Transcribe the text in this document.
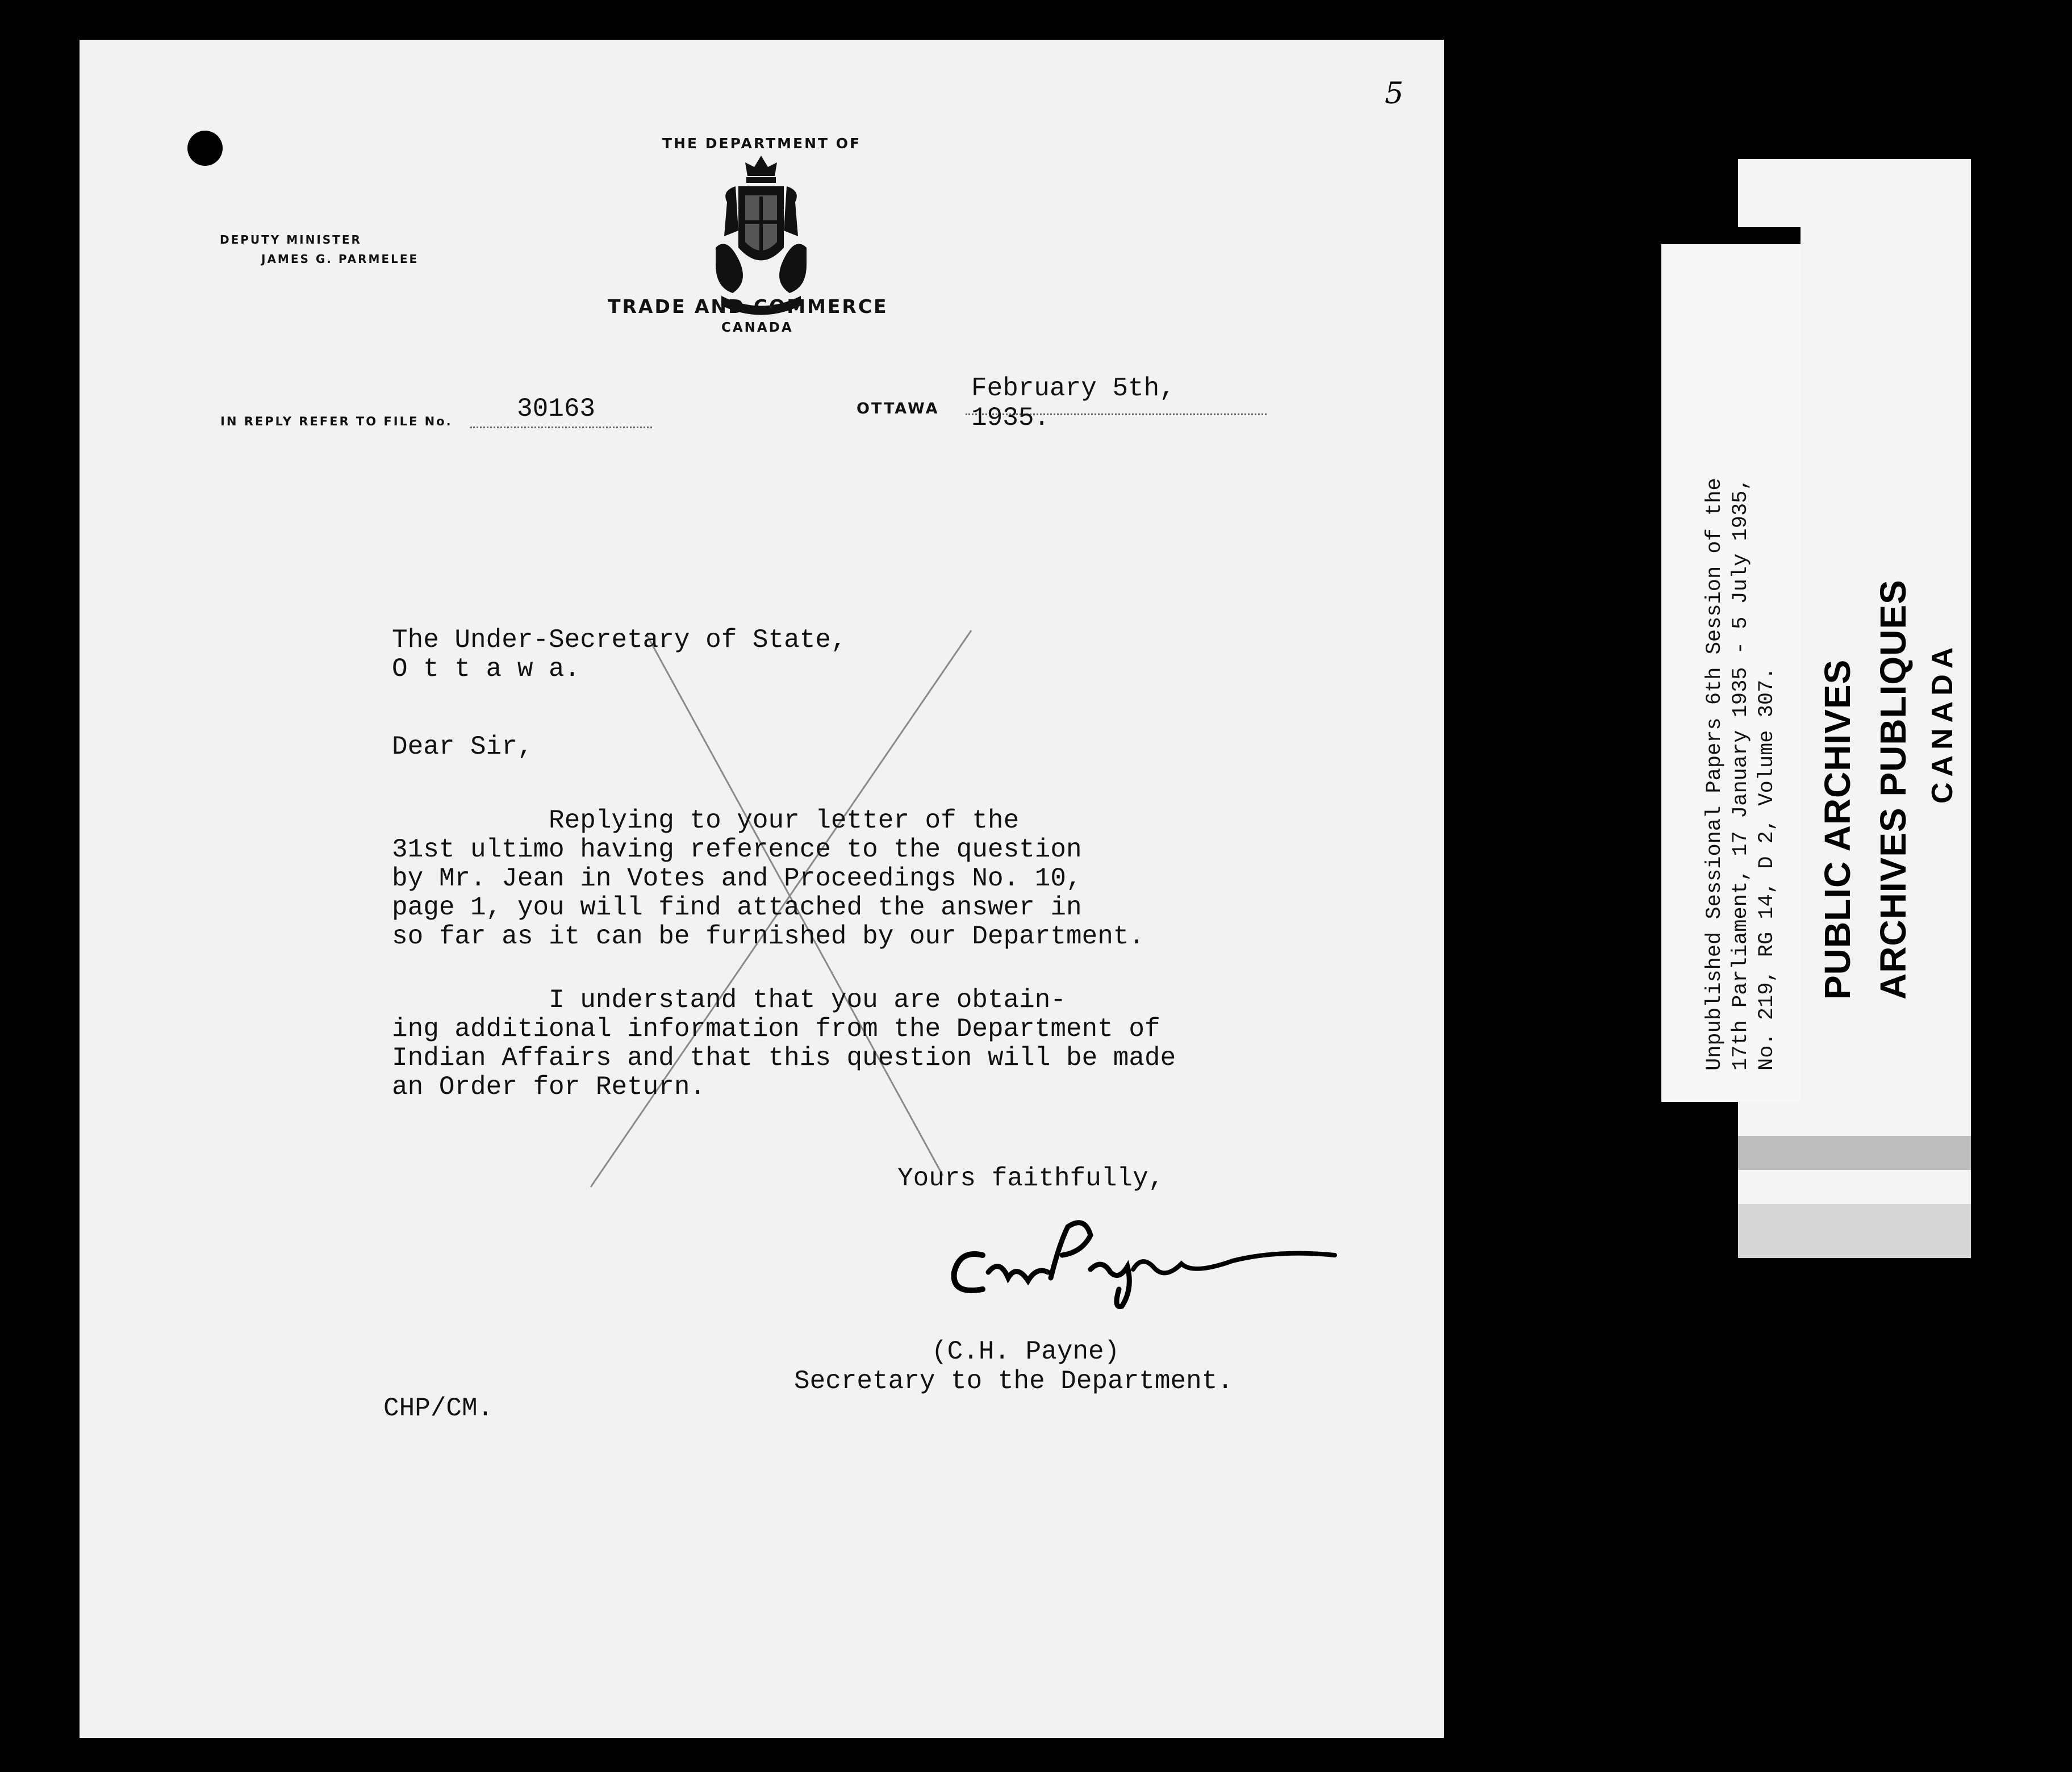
THE DEPARTMENT OF
DEPUTY MINISTER
JAMES G. PARMELEE
TRADE AND COMMERCE
CANADA
IN REPLY REFER TO FILE No. 30163	OTTAWA
February 5th, 1935.
The Under-Secretary of State,
O t t a w a.
Dear Sir,
Replying to your letter of the
31st ultimo having reference to the question
by Mr. Jean in Votes and Proceedings No. 10,
page 1, you will find attached the answer in
so far as it can be furnished by our Department.
I understand that you are obtain-
ing additional information from the Department of
Indian Affairs and that this question will be made
an Order for Return.
Yours faithfully,
(C.H. Payne)
Secretary to the Department.
CHP/CM.
5
PUBLIC ARCHIVES ARCHIVES PUBLIQUES CANADA
Unpublished Sessional Papers 6th Session of the 17th Parliament, 17 January 1935 - 5 July 1935, No. 219, RG 14, D 2, Volume 307.
